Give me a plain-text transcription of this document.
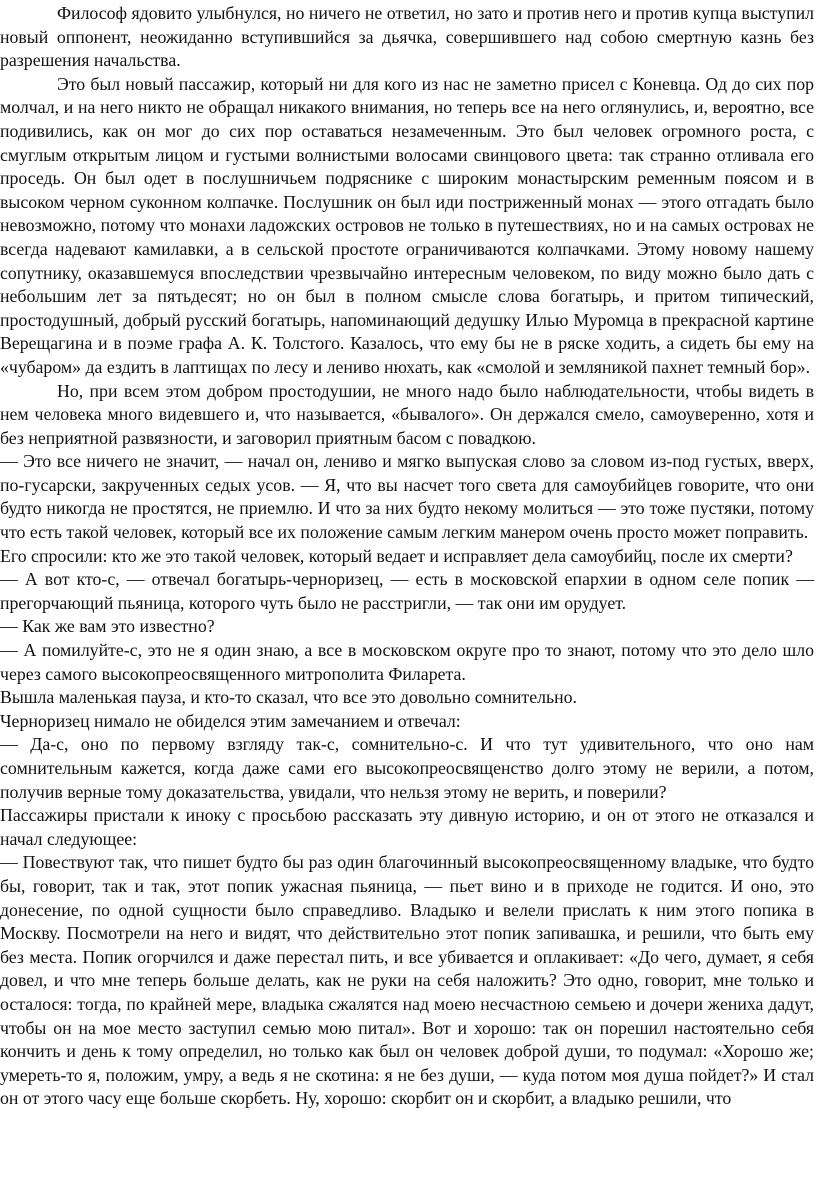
Философ ядовито улыбнулся, но ничего не ответил, но зато и против него и против купца выступил новый оппонент, неожиданно вступившийся за дьячка, совершившего над собою смертную казнь без разрешения начальства.

Это был новый пассажир, который ни для кого из нас не заметно присел с Коневца. Од до сих пор молчал, и на него никто не обращал никакого внимания, но теперь все на него оглянулись, и, вероятно, все подивились, как он мог до сих пор оставаться незамеченным. Это был человек огромного роста, с смуглым открытым лицом и густыми волнистыми волосами свинцового цвета: так странно отливала его проседь. Он был одет в послушничьем подряснике с широким монастырским ременным поясом и в высоком черном суконном колпачке. Послушник он был иди постриженный монах — этого отгадать было невозможно, потому что монахи ладожских островов не только в путешествиях, но и на самых островах не всегда надевают камилавки, а в сельской простоте ограничиваются колпачками. Этому новому нашему сопутнику, оказавшемуся впоследствии чрезвычайно интересным человеком, по виду можно было дать с небольшим лет за пятьдесят; но он был в полном смысле слова богатырь, и притом типический, простодушный, добрый русский богатырь, напоминающий дедушку Илью Муромца в прекрасной картине Верещагина и в поэме графа А. К. Толстого. Казалось, что ему бы не в ряске ходить, а сидеть бы ему на «чубаром» да ездить в лаптищах по лесу и лениво нюхать, как «смолой и земляникой пахнет темный бор».

Но, при всем этом добром простодушии, не много надо было наблюдательности, чтобы видеть в нем человека много видевшего и, что называется, «бывалого». Он держался смело, самоуверенно, хотя и без неприятной развязности, и заговорил приятным басом с повадкою.

— Это все ничего не значит, — начал он, лениво и мягко выпуская слово за словом из-под густых, вверх, по-гусарски, закрученных седых усов. — Я, что вы насчет того света для самоубийцев говорите, что они будто никогда не простятся, не приемлю. И что за них будто некому молиться — это тоже пустяки, потому что есть такой человек, который все их положение самым легким манером очень просто может поправить.

Его спросили: кто же это такой человек, который ведает и исправляет дела самоубийц, после их смерти?

— А вот кто-с, — отвечал богатырь-черноризец, — есть в московской епархии в одном селе попик — прегорчающий пьяница, которого чуть было не расстригли, — так они им орудует.

— Как же вам это известно?

— А помилуйте-с, это не я один знаю, а все в московском округе про то знают, потому что это дело шло через самого высокопреосвященного митрополита Филарета.

Вышла маленькая пауза, и кто-то сказал, что все это довольно сомнительно.

Черноризец нимало не обиделся этим замечанием и отвечал:

— Да-с, оно по первому взгляду так-с, сомнительно-с. И что тут удивительного, что оно нам сомнительным кажется, когда даже сами его высокопреосвященство долго этому не верили, а потом, получив верные тому доказательства, увидали, что нельзя этому не верить, и поверили?

Пассажиры пристали к иноку с просьбою рассказать эту дивную историю, и он от этого не отказался и начал следующее:

— Повествуют так, что пишет будто бы раз один благочинный высокопреосвященному владыке, что будто бы, говорит, так и так, этот попик ужасная пьяница, — пьет вино и в приходе не годится. И оно, это донесение, по одной сущности было справедливо. Владыко и велели прислать к ним этого попика в Москву. Посмотрели на него и видят, что действительно этот попик запивашка, и решили, что быть ему без места. Попик огорчился и даже перестал пить, и все убивается и оплакивает: «До чего, думает, я себя довел, и что мне теперь больше делать, как не руки на себя наложить? Это одно, говорит, мне только и осталося: тогда, по крайней мере, владыка сжалятся над моею несчастною семьею и дочери жениха дадут, чтобы он на мое место заступил семью мою питал». Вот и хорошо: так он порешил настоятельно себя кончить и день к тому определил, но только как был он человек доброй души, то подумал: «Хорошо же; умереть-то я, положим, умру, а ведь я не скотина: я не без души, — куда потом моя душа пойдет?» И стал он от этого часу еще больше скорбеть. Ну, хорошо: скорбит он и скорбит, а владыко решили, что
